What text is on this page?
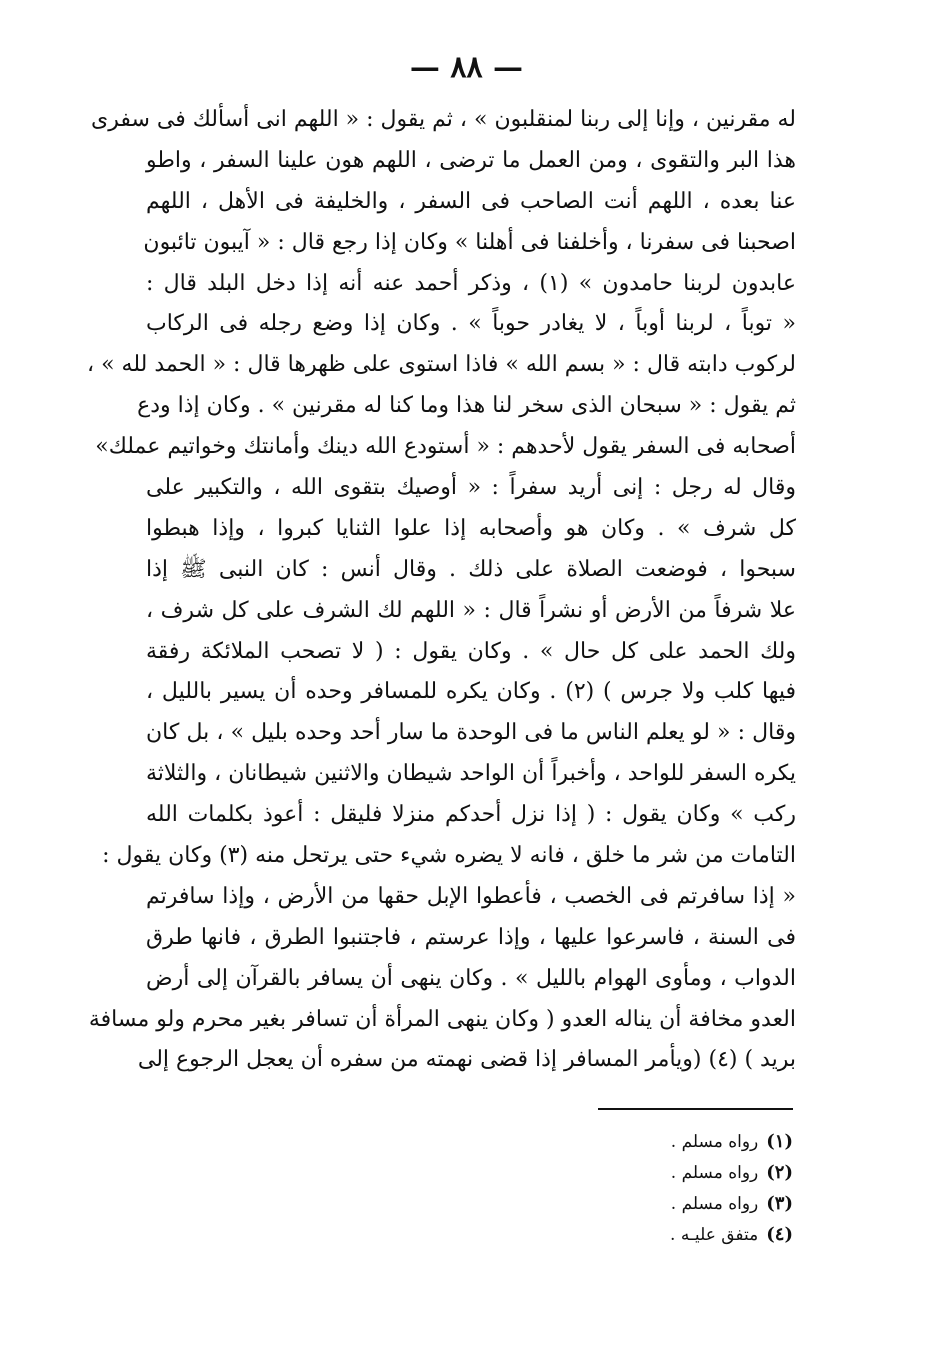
— ٨٨ —
له مقرنين ، وإنا إلى ربنا لمنقلبون » ، ثم يقول : « اللهم انى أسألك فى سفرى
هذا البر والتقوى ، ومن العمل ما ترضى ، اللهم هون علينا السفر ، واطو
عنا بعده ، اللهم أنت الصاحب فى السفر ، والخليفة فى الأهل ، اللهم
اصحبنا فى سفرنا ، وأخلفنا فى أهلنا » وكان إذا رجع قال : « آيبون تائبون
عابدون لربنا حامدون » (١) ، وذكر أحمد عنه أنه إذا دخل البلد قال :
« توباً ، لربنا أوباً ، لا يغادر حوباً » . وكان إذا وضع رجله فى الركاب
لركوب دابته قال : « بسم الله » فاذا استوى على ظهرها قال : « الحمد لله » ،
ثم يقول : « سبحان الذى سخر لنا هذا وما كنا له مقرنين » . وكان إذا ودع
أصحابه فى السفر يقول لأحدهم : « أستودع الله دينك وأمانتك وخواتيم عملك»
وقال له رجل : إنى أريد سفراً : « أوصيك بتقوى الله ، والتكبير على
كل شرف » . وكان هو وأصحابه إذا علوا الثنايا كبروا ، وإذا هبطوا
سبحوا ، فوضعت الصلاة على ذلك . وقال أنس : كان النبى ﷺ إذا
علا شرفاً من الأرض أو نشراً قال : « اللهم لك الشرف على كل شرف ،
ولك الحمد على كل حال » . وكان يقول : ( لا تصحب الملائكة رفقة
فيها كلب ولا جرس ) (٢) . وكان يكره للمسافر وحده أن يسير بالليل ،
وقال : « لو يعلم الناس ما فى الوحدة ما سار أحد وحده بليل » ، بل كان
يكره السفر للواحد ، وأخبراً أن الواحد شيطان والاثنين شيطانان ، والثلاثة
ركب » وكان يقول : ( إذا نزل أحدكم منزلا فليقل : أعوذ بكلمات الله
التامات من شر ما خلق ، فانه لا يضره شيء حتى يرتحل منه (٣) وكان يقول :
« إذا سافرتم فى الخصب ، فأعطوا الإبل حقها من الأرض ، وإذا سافرتم
فى السنة ، فاسرعوا عليها ، وإذا عرستم ، فاجتنبوا الطرق ، فانها طرق
الدواب ، ومأوى الهوام بالليل » . وكان ينهى أن يسافر بالقرآن إلى أرض
العدو مخافة أن يناله العدو ( وكان ينهى المرأة أن تسافر بغير محرم ولو مسافة
بريد ) (٤) (ويأمر المسافر إذا قضى نهمته من سفره أن يعجل الرجوع إلى
(١)رواه مسلم .
(٢)رواه مسلم .
(٣)رواه مسلم .
(٤)متفق عليـه .
